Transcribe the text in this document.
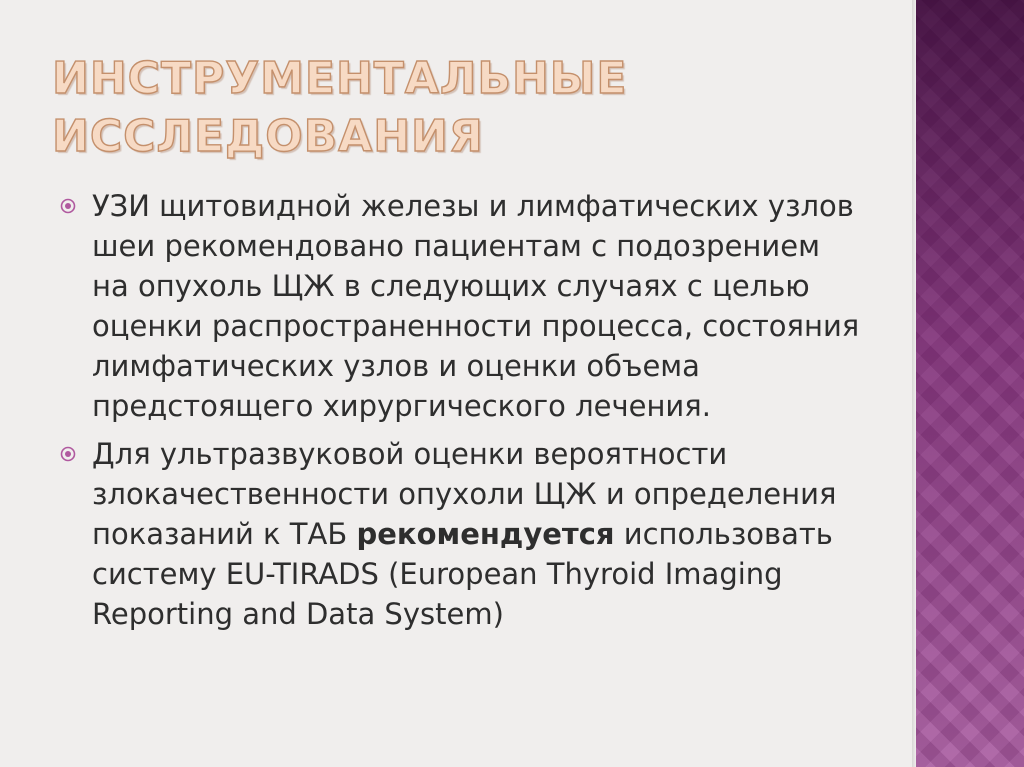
ИНСТРУМЕНТАЛЬНЫЕ
ИССЛЕДОВАНИЯ
УЗИ щитовидной железы и лимфатических узлов шеи рекомендовано пациентам с подозрением на опухоль ЩЖ в следующих случаях с целью оценки распространенности процесса, состояния лимфатических узлов и оценки объема предстоящего хирургического лечения.
Для ультразвуковой оценки вероятности злокачественности опухоли ЩЖ и определения показаний к ТАБ рекомендуется использовать систему EU-TIRADS (European Thyroid Imaging Reporting and Data System)
